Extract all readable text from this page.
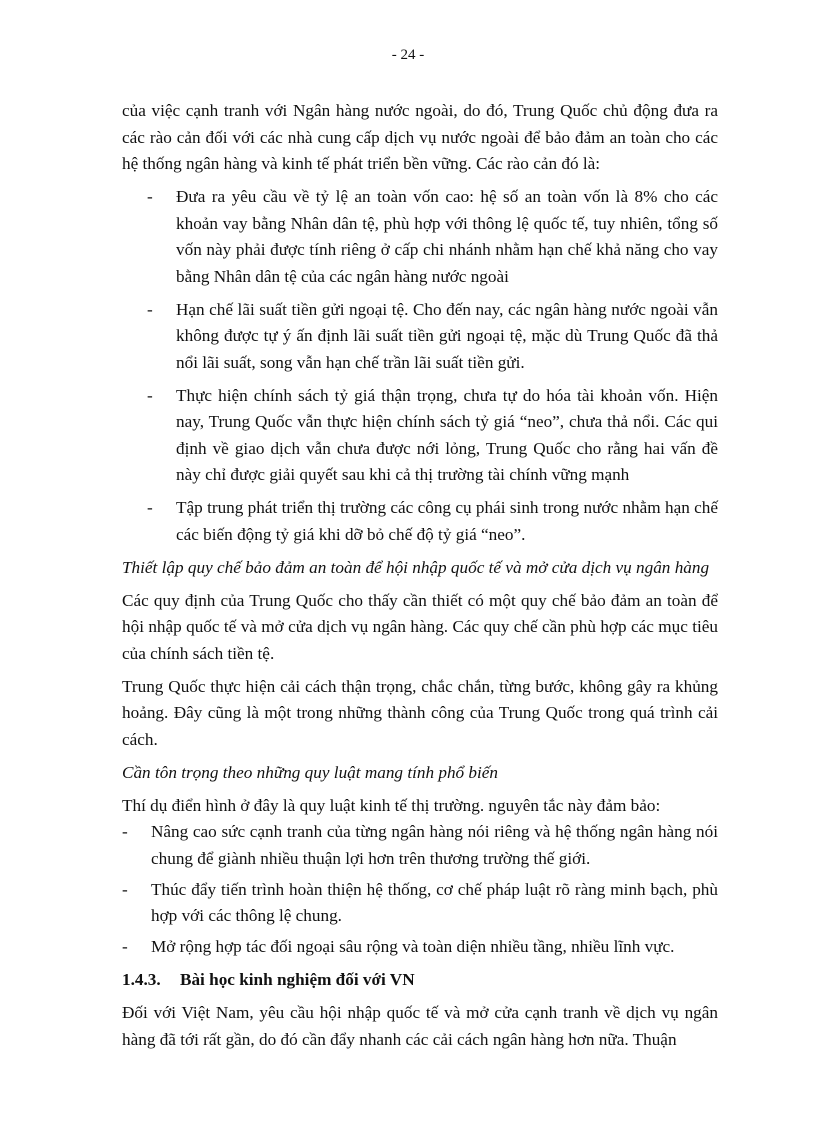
- 24 -

của việc cạnh tranh với Ngân hàng nước ngoài, do đó, Trung Quốc chủ động đưa ra các rào cản đối với các nhà cung cấp dịch vụ nước ngoài để bảo đảm an toàn cho các hệ thống ngân hàng và kinh tế phát triển bền vững. Các rào cản đó là:

- Đưa ra yêu cầu về tỷ lệ an toàn vốn cao: hệ số an toàn vốn là 8% cho các khoản vay bằng Nhân dân tệ, phù hợp với thông lệ quốc tế, tuy nhiên, tổng số vốn này phải được tính riêng ở cấp chi nhánh nhằm hạn chế khả năng cho vay bằng Nhân dân tệ của các ngân hàng nước ngoài
- Hạn chế lãi suất tiền gửi ngoại tệ. Cho đến nay, các ngân hàng nước ngoài vẫn không được tự ý ấn định lãi suất tiền gửi ngoại tệ, mặc dù Trung Quốc đã thả nổi lãi suất, song vẫn hạn chế trần lãi suất tiền gửi.
- Thực hiện chính sách tỷ giá thận trọng, chưa tự do hóa tài khoản vốn. Hiện nay, Trung Quốc vẫn thực hiện chính sách tỷ giá “neo”, chưa thả nổi. Các qui định về giao dịch vẫn chưa được nới lỏng, Trung Quốc cho rằng hai vấn đề này chỉ được giải quyết sau khi cả thị trường tài chính vững mạnh
- Tập trung phát triển thị trường các công cụ phái sinh trong nước nhằm hạn chế các biến động tỷ giá khi dỡ bỏ chế độ tỷ giá “neo”.

Thiết lập quy chế bảo đảm an toàn để hội nhập quốc tế và mở cửa dịch vụ ngân hàng

Các quy định của Trung Quốc cho thấy cần thiết có một quy chế bảo đảm an toàn để hội nhập quốc tế và mở cửa dịch vụ ngân hàng. Các quy chế cần phù hợp các mục tiêu của chính sách tiền tệ.

Trung Quốc thực hiện cải cách thận trọng, chắc chắn, từng bước, không gây ra khủng hoảng. Đây cũng là một trong những thành công của Trung Quốc trong quá trình cải cách.

Cần tôn trọng theo những quy luật mang tính phổ biến

Thí dụ điển hình ở đây là quy luật kinh tế thị trường. nguyên tắc này đảm bảo:

- Nâng cao sức cạnh tranh của từng ngân hàng nói riêng và hệ thống ngân hàng nói chung để giành nhiều thuận lợi hơn trên thương trường thế giới.
- Thúc đẩy tiến trình hoàn thiện hệ thống, cơ chế pháp luật rõ ràng minh bạch, phù hợp với các thông lệ chung.
- Mở rộng hợp tác đối ngoại sâu rộng và toàn diện nhiều tầng, nhiều lĩnh vực.

1.4.3. Bài học kinh nghiệm đối với VN

Đối với Việt Nam, yêu cầu hội nhập quốc tế và mở cửa cạnh tranh về dịch vụ ngân hàng đã tới rất gần, do đó cần đẩy nhanh các cải cách ngân hàng hơn nữa. Thuận
